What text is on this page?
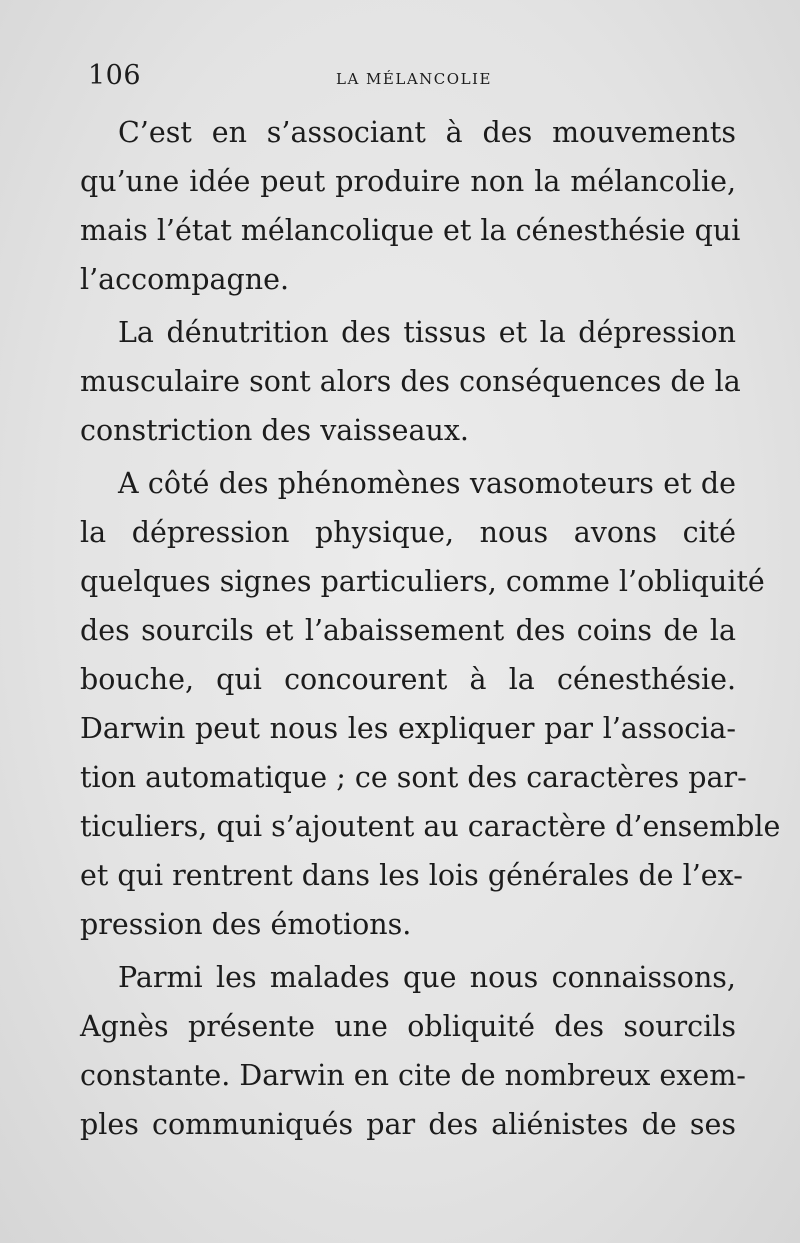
106	LA MÉLANCOLIE
C’est en s’associant à des mouvements
qu’une idée peut produire non la mélancolie,
mais l’état mélancolique et la cénesthésie qui
l’accompagne.
La dénutrition des tissus et la dépression
musculaire sont alors des conséquences de la
constriction des vaisseaux.
A côté des phénomènes vasomoteurs et de
la dépression physique, nous avons cité
quelques signes particuliers, comme l’obliquité
des sourcils et l’abaissement des coins de la
bouche, qui concourent à la cénesthésie.
Darwin peut nous les expliquer par l’associa-
tion automatique ; ce sont des caractères par-
ticuliers, qui s’ajoutent au caractère d’ensemble
et qui rentrent dans les lois générales de l’ex-
pression des émotions.
Parmi les malades que nous connaissons,
Agnès présente une obliquité des sourcils
constante. Darwin en cite de nombreux exem-
ples communiqués par des aliénistes de ses
